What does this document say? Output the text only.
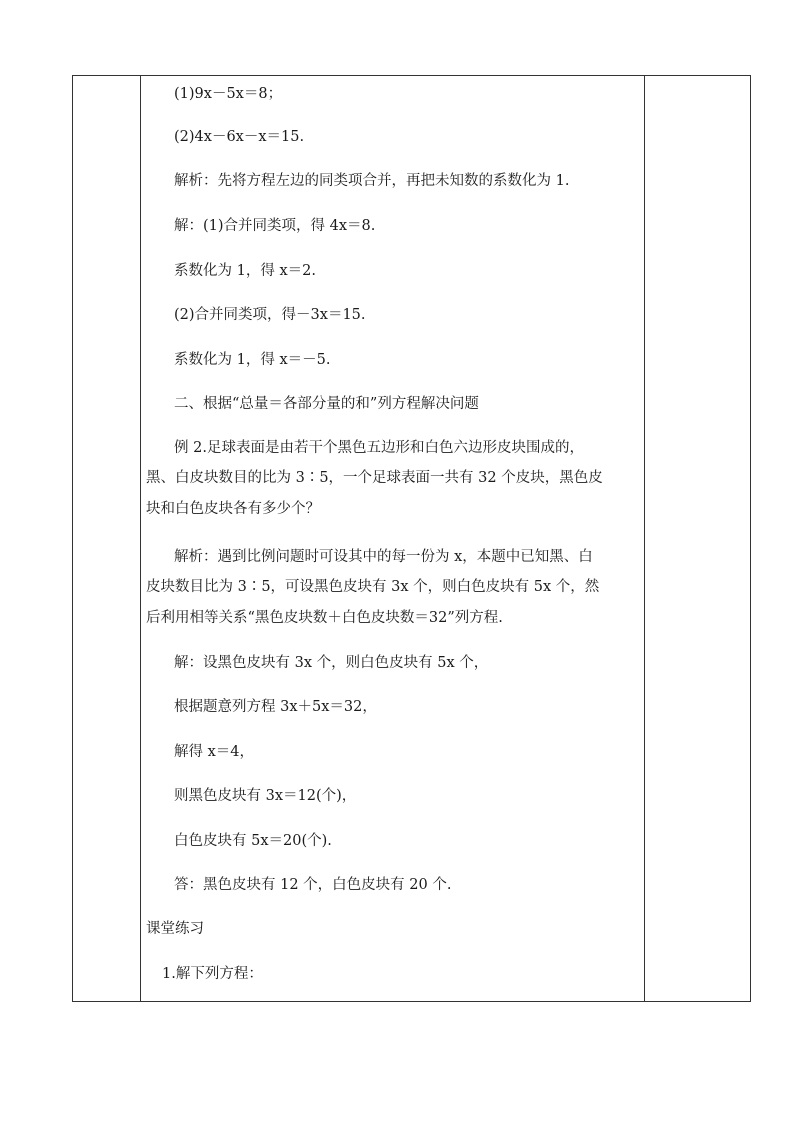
(1)9x－5x＝8；
(2)4x－6x－x＝15.
解析：先将方程左边的同类项合并，再把未知数的系数化为 1.
解：(1)合并同类项，得 4x＝8.
系数化为 1，得 x＝2.
(2)合并同类项，得－3x＝15.
系数化为 1，得 x＝－5.
二、根据“总量＝各部分量的和”列方程解决问题
例 2.足球表面是由若干个黑色五边形和白色六边形皮块围成的，
黑、白皮块数目的比为 3∶5，一个足球表面一共有 32 个皮块，黑色皮
块和白色皮块各有多少个？
解析：遇到比例问题时可设其中的每一份为 x，本题中已知黑、白
皮块数目比为 3∶5，可设黑色皮块有 3x 个，则白色皮块有 5x 个，然
后利用相等关系“黑色皮块数＋白色皮块数＝32”列方程.
解：设黑色皮块有 3x 个，则白色皮块有 5x 个，
根据题意列方程 3x＋5x＝32，
解得 x＝4，
则黑色皮块有 3x＝12(个)，
白色皮块有 5x＝20(个).
答：黑色皮块有 12 个，白色皮块有 20 个.
课堂练习
1.解下列方程：
